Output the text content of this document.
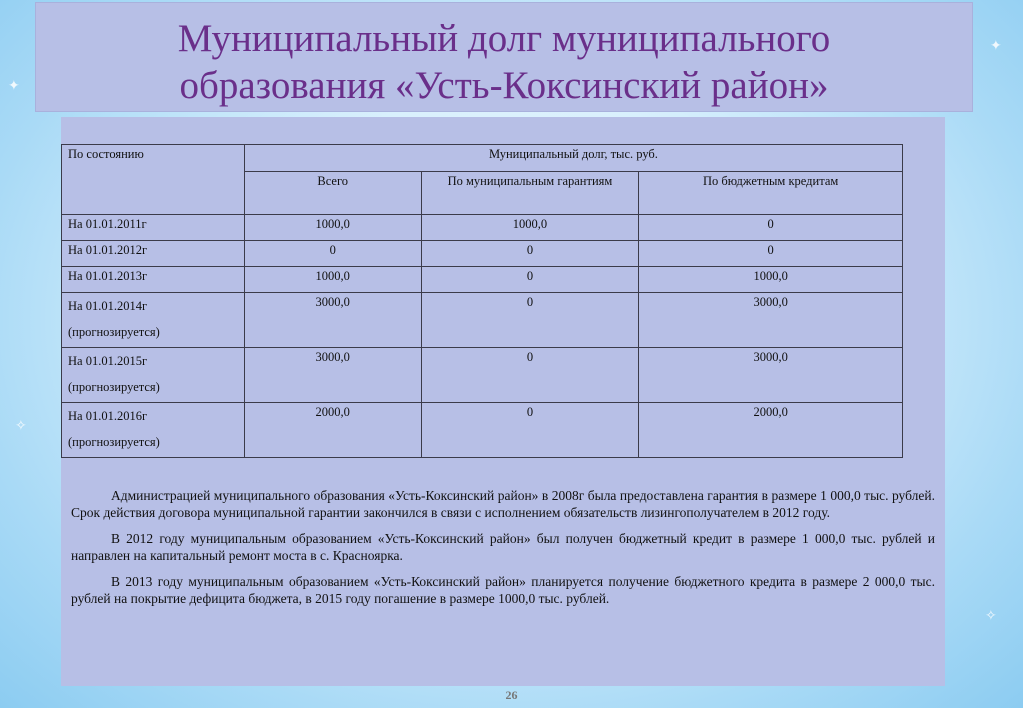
✦
✦
✧
✧
Муниципальный долг муниципального
образования «Усть-Коксинский район»
По состоянию	Муниципальный долг, тыс. руб.		
	Всего	По муниципальным гарантиям	По бюджетным кредитам
На 01.01.2011г	1000,0	1000,0	0
На 01.01.2012г	0	0	0
На 01.01.2013г	1000,0	0	1000,0
На 01.01.2014г
(прогнозируется)	3000,0	0	3000,0
На 01.01.2015г
(прогнозируется)	3000,0	0	3000,0
На 01.01.2016г
(прогнозируется)	2000,0	0	2000,0

Администрацией муниципального образования «Усть-Коксинский район» в 2008г была предоставлена гарантия в размере 1 000,0 тыс. рублей. Срок действия договора муниципальной гарантии закончился в связи с исполнением обязательств лизингополучателем в 2012 году.

В 2012 году муниципальным образованием «Усть-Коксинский район» был получен бюджетный кредит в размере 1 000,0 тыс. рублей и направлен на капитальный ремонт моста в с. Красноярка.

В 2013 году муниципальным образованием «Усть-Коксинский район» планируется получение бюджетного кредита в размере 2 000,0 тыс. рублей на покрытие дефицита бюджета, в 2015 году погашение в размере 1000,0 тыс. рублей.

26
